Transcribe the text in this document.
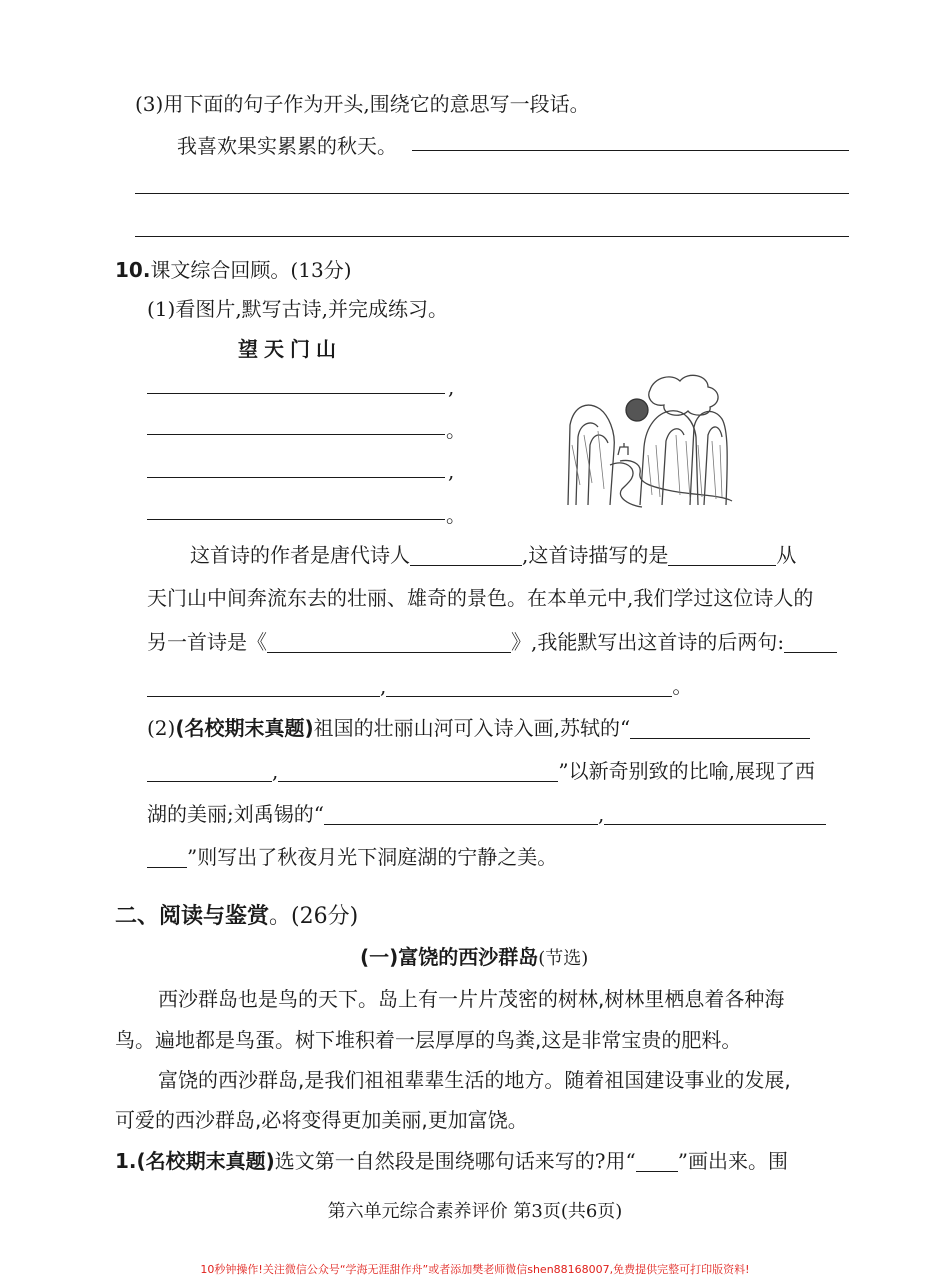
(3)用下面的句子作为开头,围绕它的意思写一段话。
我喜欢果实累累的秋天。
10.课文综合回顾。(13分)
(1)看图片,默写古诗,并完成练习。
望天门山
,
。
,
。
这首诗的作者是唐代诗人	,这首诗描写的是	从
天门山中间奔流东去的壮丽、雄奇的景色。在本单元中,我们学过这位诗人的
另一首诗是《	》,我能默写出这首诗的后两句:
,	。
(2)(名校期末真题)祖国的壮丽山河可入诗入画,苏轼的“
,	”以新奇别致的比喻,展现了西
湖的美丽;刘禹锡的“	,
”则写出了秋夜月光下洞庭湖的宁静之美。
二、阅读与鉴赏。(26分)
(一)富饶的西沙群岛(节选)
西沙群岛也是鸟的天下。岛上有一片片茂密的树林,树林里栖息着各种海
鸟。遍地都是鸟蛋。树下堆积着一层厚厚的鸟粪,这是非常宝贵的肥料。
富饶的西沙群岛,是我们祖祖辈辈生活的地方。随着祖国建设事业的发展,
可爱的西沙群岛,必将变得更加美丽,更加富饶。
1.(名校期末真题)选文第一自然段是围绕哪句话来写的?用“ ”画出来。围
第六单元综合素养评价 第3页(共6页)
10秒钟操作!关注微信公众号“学海无涯甜作舟”或者添加樊老师微信shen88168007,免费提供完整可打印版资料!
